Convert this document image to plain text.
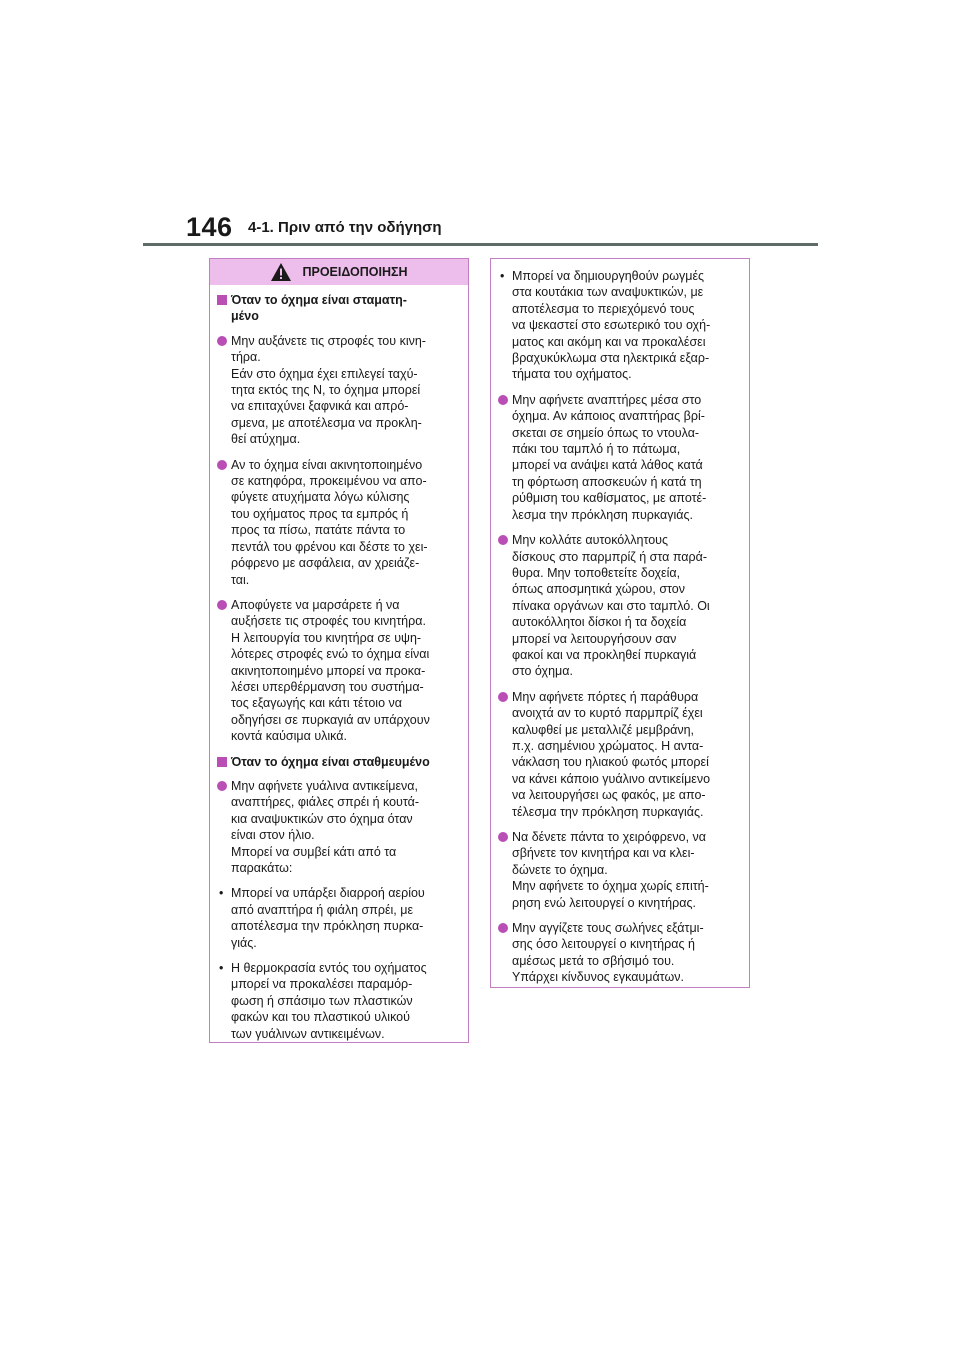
146 4-1. Πριν από την οδήγηση
ΠΡΟΕΙΔΟΠΟΙΗΣΗ
Όταν το όχημα είναι σταματη-
μένο
Μην αυξάνετε τις στροφές του κινη-
τήρα.
Εάν στο όχημα έχει επιλεγεί ταχύ-
τητα εκτός της N, το όχημα μπορεί
να επιταχύνει ξαφνικά και απρό-
σμενα, με αποτέλεσμα να προκλη-
θεί ατύχημα.
Αν το όχημα είναι ακινητοποιημένο
σε κατηφόρα, προκειμένου να απο-
φύγετε ατυχήματα λόγω κύλισης
του οχήματος προς τα εμπρός ή
προς τα πίσω, πατάτε πάντα το
πεντάλ του φρένου και δέστε το χει-
ρόφρενο με ασφάλεια, αν χρειάζε-
ται.
Αποφύγετε να μαρσάρετε ή να
αυξήσετε τις στροφές του κινητήρα.
Η λειτουργία του κινητήρα σε υψη-
λότερες στροφές ενώ το όχημα είναι
ακινητοποιημένο μπορεί να προκα-
λέσει υπερθέρμανση του συστήμα-
τος εξαγωγής και κάτι τέτοιο να
οδηγήσει σε πυρκαγιά αν υπάρχουν
κοντά καύσιμα υλικά.
Όταν το όχημα είναι σταθμευμένο
Μην αφήνετε γυάλινα αντικείμενα,
αναπτήρες, φιάλες σπρέι ή κουτά-
κια αναψυκτικών στο όχημα όταν
είναι στον ήλιο.
Μπορεί να συμβεί κάτι από τα
παρακάτω:
• Μπορεί να υπάρξει διαρροή αερίου
από αναπτήρα ή φιάλη σπρέι, με
αποτέλεσμα την πρόκληση πυρκα-
γιάς.
• Η θερμοκρασία εντός του οχήματος
μπορεί να προκαλέσει παραμόρ-
φωση ή σπάσιμο των πλαστικών
φακών και του πλαστικού υλικού
των γυάλινων αντικειμένων.
• Μπορεί να δημιουργηθούν ρωγμές
στα κουτάκια των αναψυκτικών, με
αποτέλεσμα το περιεχόμενό τους
να ψεκαστεί στο εσωτερικό του οχή-
ματος και ακόμη και να προκαλέσει
βραχυκύκλωμα στα ηλεκτρικά εξαρ-
τήματα του οχήματος.
Μην αφήνετε αναπτήρες μέσα στο
όχημα. Αν κάποιος αναπτήρας βρί-
σκεται σε σημείο όπως το ντουλα-
πάκι του ταμπλό ή το πάτωμα,
μπορεί να ανάψει κατά λάθος κατά
τη φόρτωση αποσκευών ή κατά τη
ρύθμιση του καθίσματος, με αποτέ-
λεσμα την πρόκληση πυρκαγιάς.
Μην κολλάτε αυτοκόλλητους
δίσκους στο παρμπρίζ ή στα παρά-
θυρα. Μην τοποθετείτε δοχεία,
όπως αποσμητικά χώρου, στον
πίνακα οργάνων και στο ταμπλό. Οι
αυτοκόλλητοι δίσκοι ή τα δοχεία
μπορεί να λειτουργήσουν σαν
φακοί και να προκληθεί πυρκαγιά
στο όχημα.
Μην αφήνετε πόρτες ή παράθυρα
ανοιχτά αν το κυρτό παρμπρίζ έχει
καλυφθεί με μεταλλιζέ μεμβράνη,
π.χ. ασημένιου χρώματος. Η αντα-
νάκλαση του ηλιακού φωτός μπορεί
να κάνει κάποιο γυάλινο αντικείμενο
να λειτουργήσει ως φακός, με απο-
τέλεσμα την πρόκληση πυρκαγιάς.
Να δένετε πάντα το χειρόφρενο, να
σβήνετε τον κινητήρα και να κλει-
δώνετε το όχημα.
Μην αφήνετε το όχημα χωρίς επιτή-
ρηση ενώ λειτουργεί ο κινητήρας.
Μην αγγίζετε τους σωλήνες εξάτμι-
σης όσο λειτουργεί ο κινητήρας ή
αμέσως μετά το σβήσιμό του.
Υπάρχει κίνδυνος εγκαυμάτων.
